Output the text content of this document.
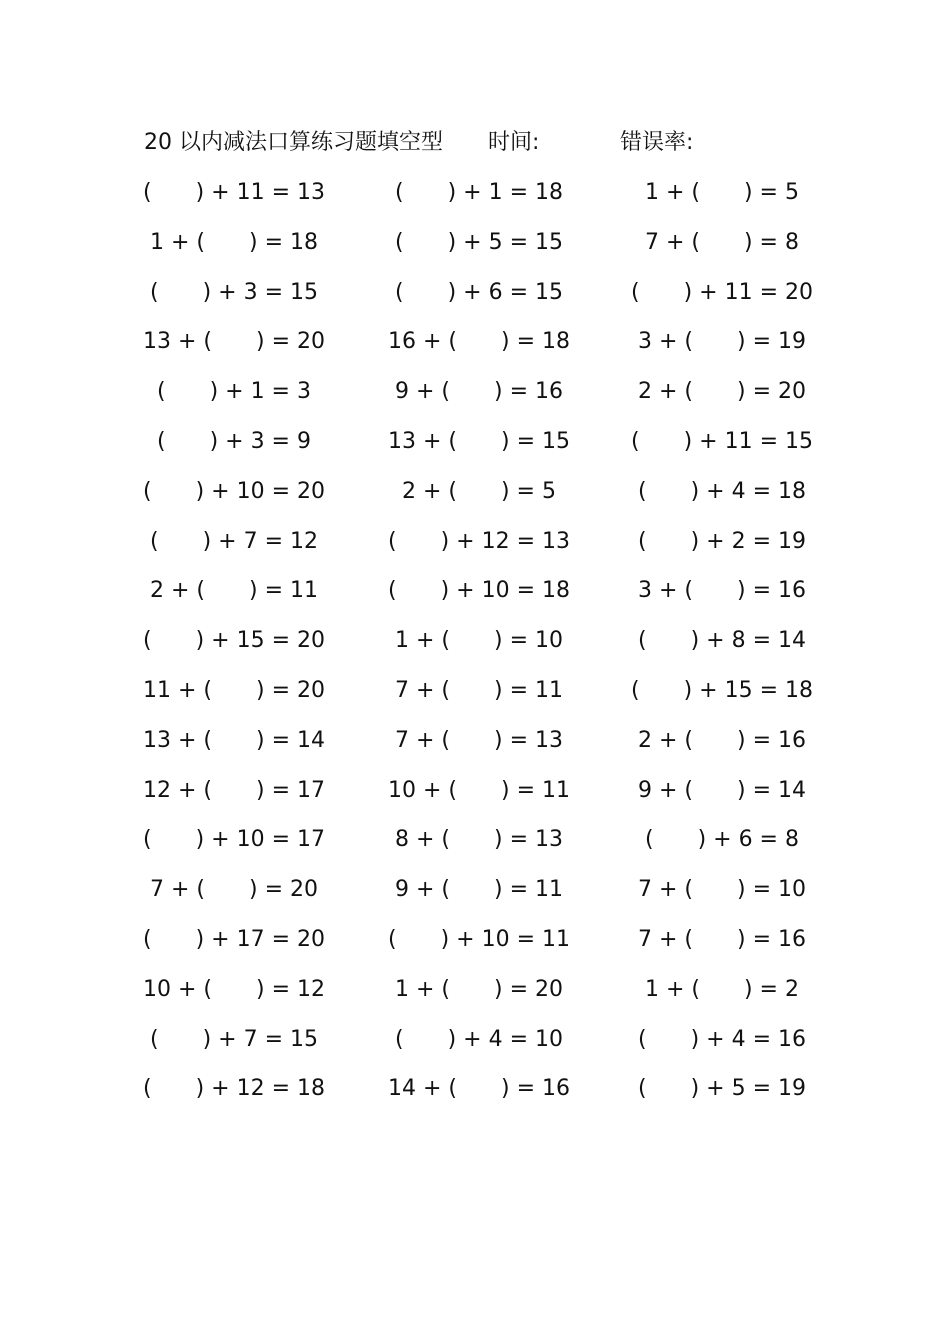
20 以内减法口算练习题填空型 时间:	错误率:
(　　) + 11 = 13	(　　) + 1 = 18	1 + (　　) = 5
1 + (　　) = 18	(　　) + 5 = 15	7 + (　　) = 8
(　　) + 3 = 15	(　　) + 6 = 15	(　　) + 11 = 20
13 + (　　) = 20	16 + (　　) = 18	3 + (　　) = 19
(　　) + 1 = 3	9 + (　　) = 16	2 + (　　) = 20
(　　) + 3 = 9	13 + (　　) = 15	(　　) + 11 = 15
(　　) + 10 = 20	2 + (　　) = 5	(　　) + 4 = 18
(　　) + 7 = 12	(　　) + 12 = 13	(　　) + 2 = 19
2 + (　　) = 11	(　　) + 10 = 18	3 + (　　) = 16
(　　) + 15 = 20	1 + (　　) = 10	(　　) + 8 = 14
11 + (　　) = 20	7 + (　　) = 11	(　　) + 15 = 18
13 + (　　) = 14	7 + (　　) = 13	2 + (　　) = 16
12 + (　　) = 17	10 + (　　) = 11	9 + (　　) = 14
(　　) + 10 = 17	8 + (　　) = 13	(　　) + 6 = 8
7 + (　　) = 20	9 + (　　) = 11	7 + (　　) = 10
(　　) + 17 = 20	(　　) + 10 = 11	7 + (　　) = 16
10 + (　　) = 12	1 + (　　) = 20	1 + (　　) = 2
(　　) + 7 = 15	(　　) + 4 = 10	(　　) + 4 = 16
(　　) + 12 = 18	14 + (　　) = 16	(　　) + 5 = 19
